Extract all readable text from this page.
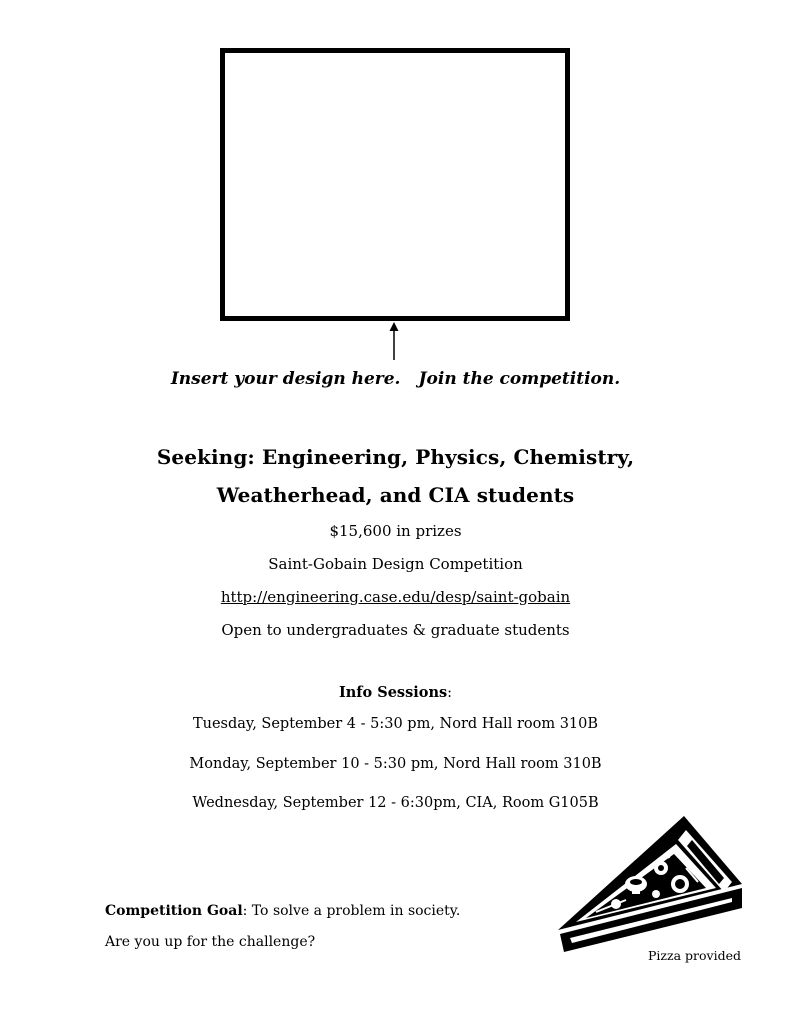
Insert your design here. Join the competition.
Seeking: Engineering, Physics, Chemistry,
Weatherhead, and CIA students
$15,600 in prizes
Saint-Gobain Design Competition
http://engineering.case.edu/desp/saint-gobain
Open to undergraduates & graduate students
Info Sessions:
Tuesday, September 4 - 5:30 pm, Nord Hall room 310B
Monday, September 10 - 5:30 pm, Nord Hall room 310B
Wednesday, September 12 - 6:30pm, CIA, Room G105B
Competition Goal: To solve a problem in society.
Are you up for the challenge?
Pizza provided
